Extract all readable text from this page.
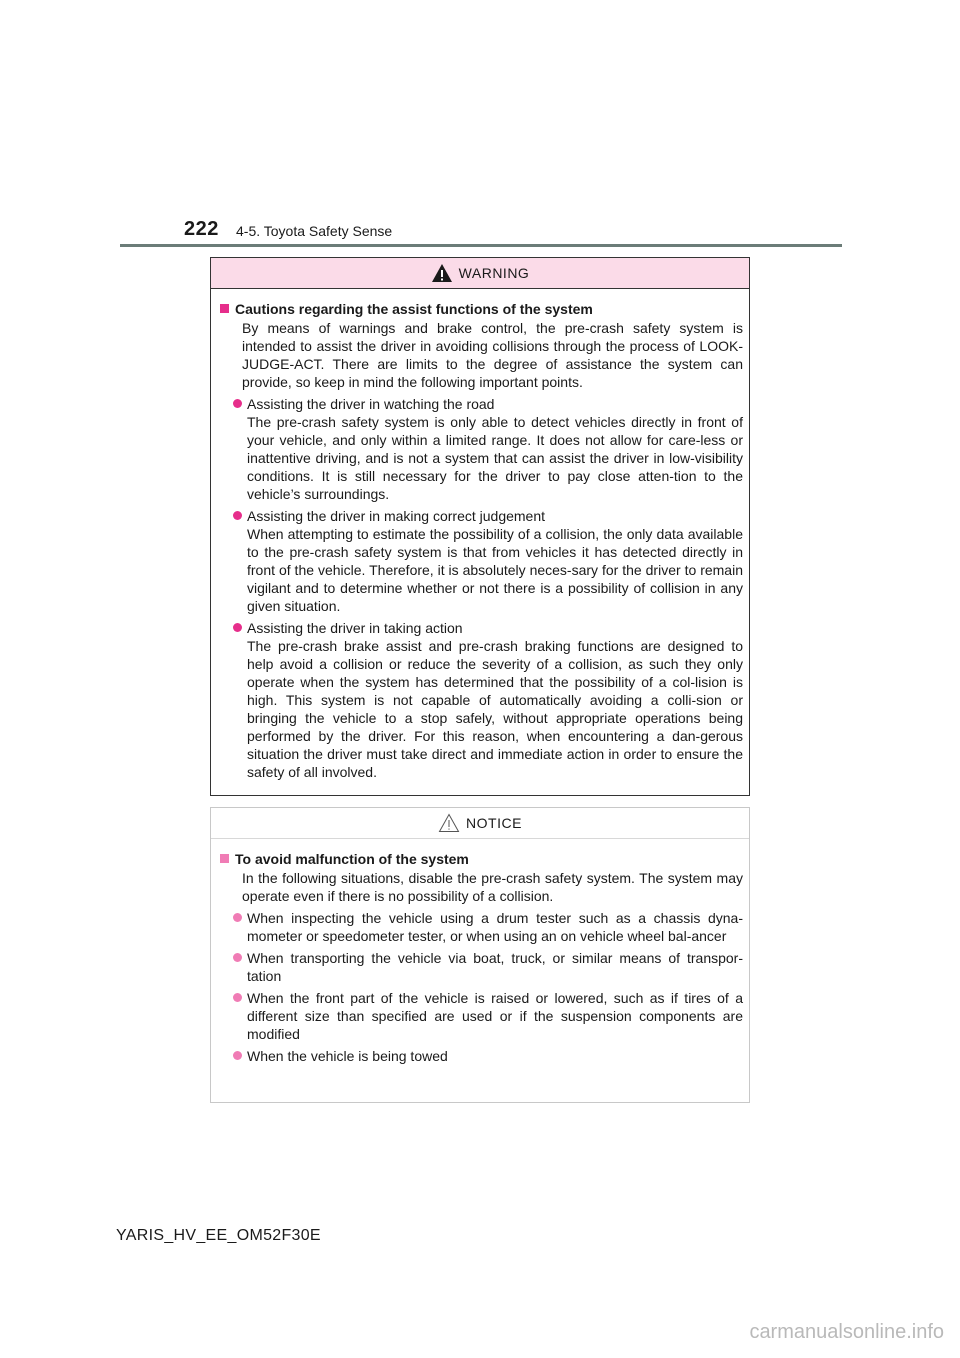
222 4-5. Toyota Safety Sense
WARNING
Cautions regarding the assist functions of the system
By means of warnings and brake control, the pre-crash safety system is intended to assist the driver in avoiding collisions through the process of LOOK-JUDGE-ACT. There are limits to the degree of assistance the system can provide, so keep in mind the following important points.
Assisting the driver in watching the road
The pre-crash safety system is only able to detect vehicles directly in front of your vehicle, and only within a limited range. It does not allow for care-less or inattentive driving, and is not a system that can assist the driver in low-visibility conditions. It is still necessary for the driver to pay close atten-tion to the vehicle’s surroundings.
Assisting the driver in making correct judgement
When attempting to estimate the possibility of a collision, the only data available to the pre-crash safety system is that from vehicles it has detected directly in front of the vehicle. Therefore, it is absolutely neces-sary for the driver to remain vigilant and to determine whether or not there is a possibility of collision in any given situation.
Assisting the driver in taking action
The pre-crash brake assist and pre-crash braking functions are designed to help avoid a collision or reduce the severity of a collision, as such they only operate when the system has determined that the possibility of a col-lision is high. This system is not capable of automatically avoiding a colli-sion or bringing the vehicle to a stop safely, without appropriate operations being performed by the driver. For this reason, when encountering a dan-gerous situation the driver must take direct and immediate action in order to ensure the safety of all involved.
NOTICE
To avoid malfunction of the system
In the following situations, disable the pre-crash safety system. The system may operate even if there is no possibility of a collision.
When inspecting the vehicle using a drum tester such as a chassis dyna-mometer or speedometer tester, or when using an on vehicle wheel bal-ancer
When transporting the vehicle via boat, truck, or similar means of transpor-tation
When the front part of the vehicle is raised or lowered, such as if tires of a different size than specified are used or if the suspension components are modified
When the vehicle is being towed
YARIS_HV_EE_OM52F30E
carmanualsonline.info
